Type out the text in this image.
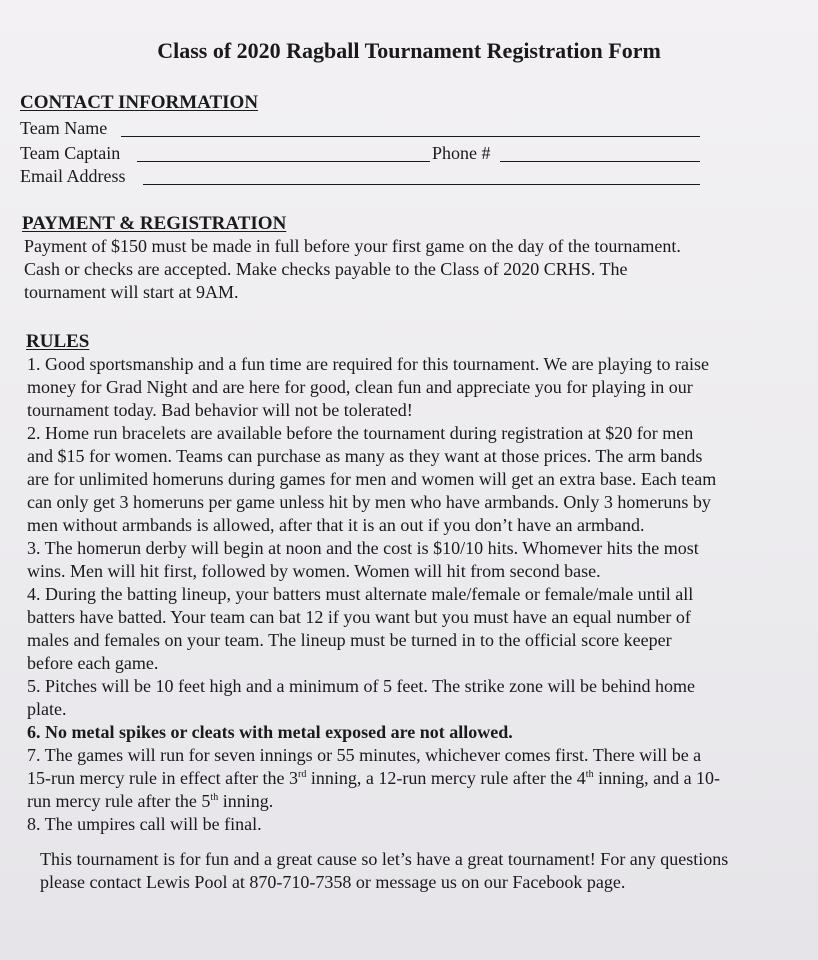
Class of 2020 Ragball Tournament Registration Form
CONTACT INFORMATION
Team Name
Team Captain	Phone #
Email Address
PAYMENT & REGISTRATION
Payment of $150 must be made in full before your first game on the day of the tournament.
Cash or checks are accepted. Make checks payable to the Class of 2020 CRHS. The
tournament will start at 9AM.
RULES
1. Good sportsmanship and a fun time are required for this tournament. We are playing to raise
money for Grad Night and are here for good, clean fun and appreciate you for playing in our
tournament today. Bad behavior will not be tolerated!
2. Home run bracelets are available before the tournament during registration at $20 for men
and $15 for women. Teams can purchase as many as they want at those prices. The arm bands
are for unlimited homeruns during games for men and women will get an extra base. Each team
can only get 3 homeruns per game unless hit by men who have armbands. Only 3 homeruns by
men without armbands is allowed, after that it is an out if you don’t have an armband.
3. The homerun derby will begin at noon and the cost is $10/10 hits. Whomever hits the most
wins. Men will hit first, followed by women. Women will hit from second base.
4. During the batting lineup, your batters must alternate male/female or female/male until all
batters have batted. Your team can bat 12 if you want but you must have an equal number of
males and females on your team. The lineup must be turned in to the official score keeper
before each game.
5. Pitches will be 10 feet high and a minimum of 5 feet. The strike zone will be behind home
plate.
6. No metal spikes or cleats with metal exposed are not allowed.
7. The games will run for seven innings or 55 minutes, whichever comes first. There will be a
15-run mercy rule in effect after the 3rd inning, a 12-run mercy rule after the 4th inning, and a 10-
run mercy rule after the 5th inning.
8. The umpires call will be final.
This tournament is for fun and a great cause so let’s have a great tournament! For any questions
please contact Lewis Pool at 870-710-7358 or message us on our Facebook page.
